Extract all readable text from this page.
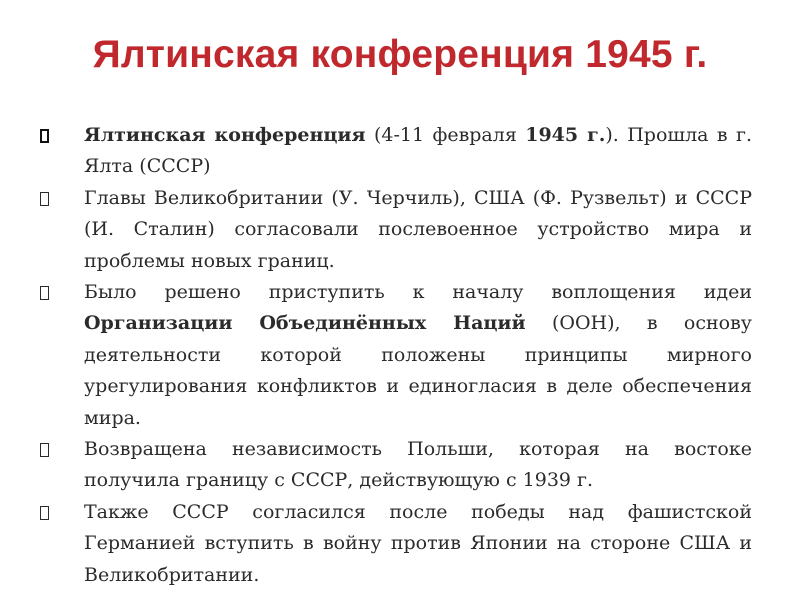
Ялтинская конференция 1945 г.
Ялтинская конференция (4-11 февраля 1945 г.). Прошла в г. Ялта (СССР)
Главы Великобритании (У. Черчиль), США (Ф. Рузвельт) и СССР (И. Сталин) согласовали послевоенное устройство мира и проблемы новых границ.
Было решено приступить к началу воплощения идеи Организации Объединённых Наций (ООН), в основу деятельности которой положены принципы мирного урегулирования конфликтов и единогласия в деле обеспечения мира.
Возвращена независимость Польши, которая на востоке получила границу с СССР, действующую с 1939 г.
Также СССР согласился после победы над фашистской Германией вступить в войну против Японии на стороне США и Великобритании.
